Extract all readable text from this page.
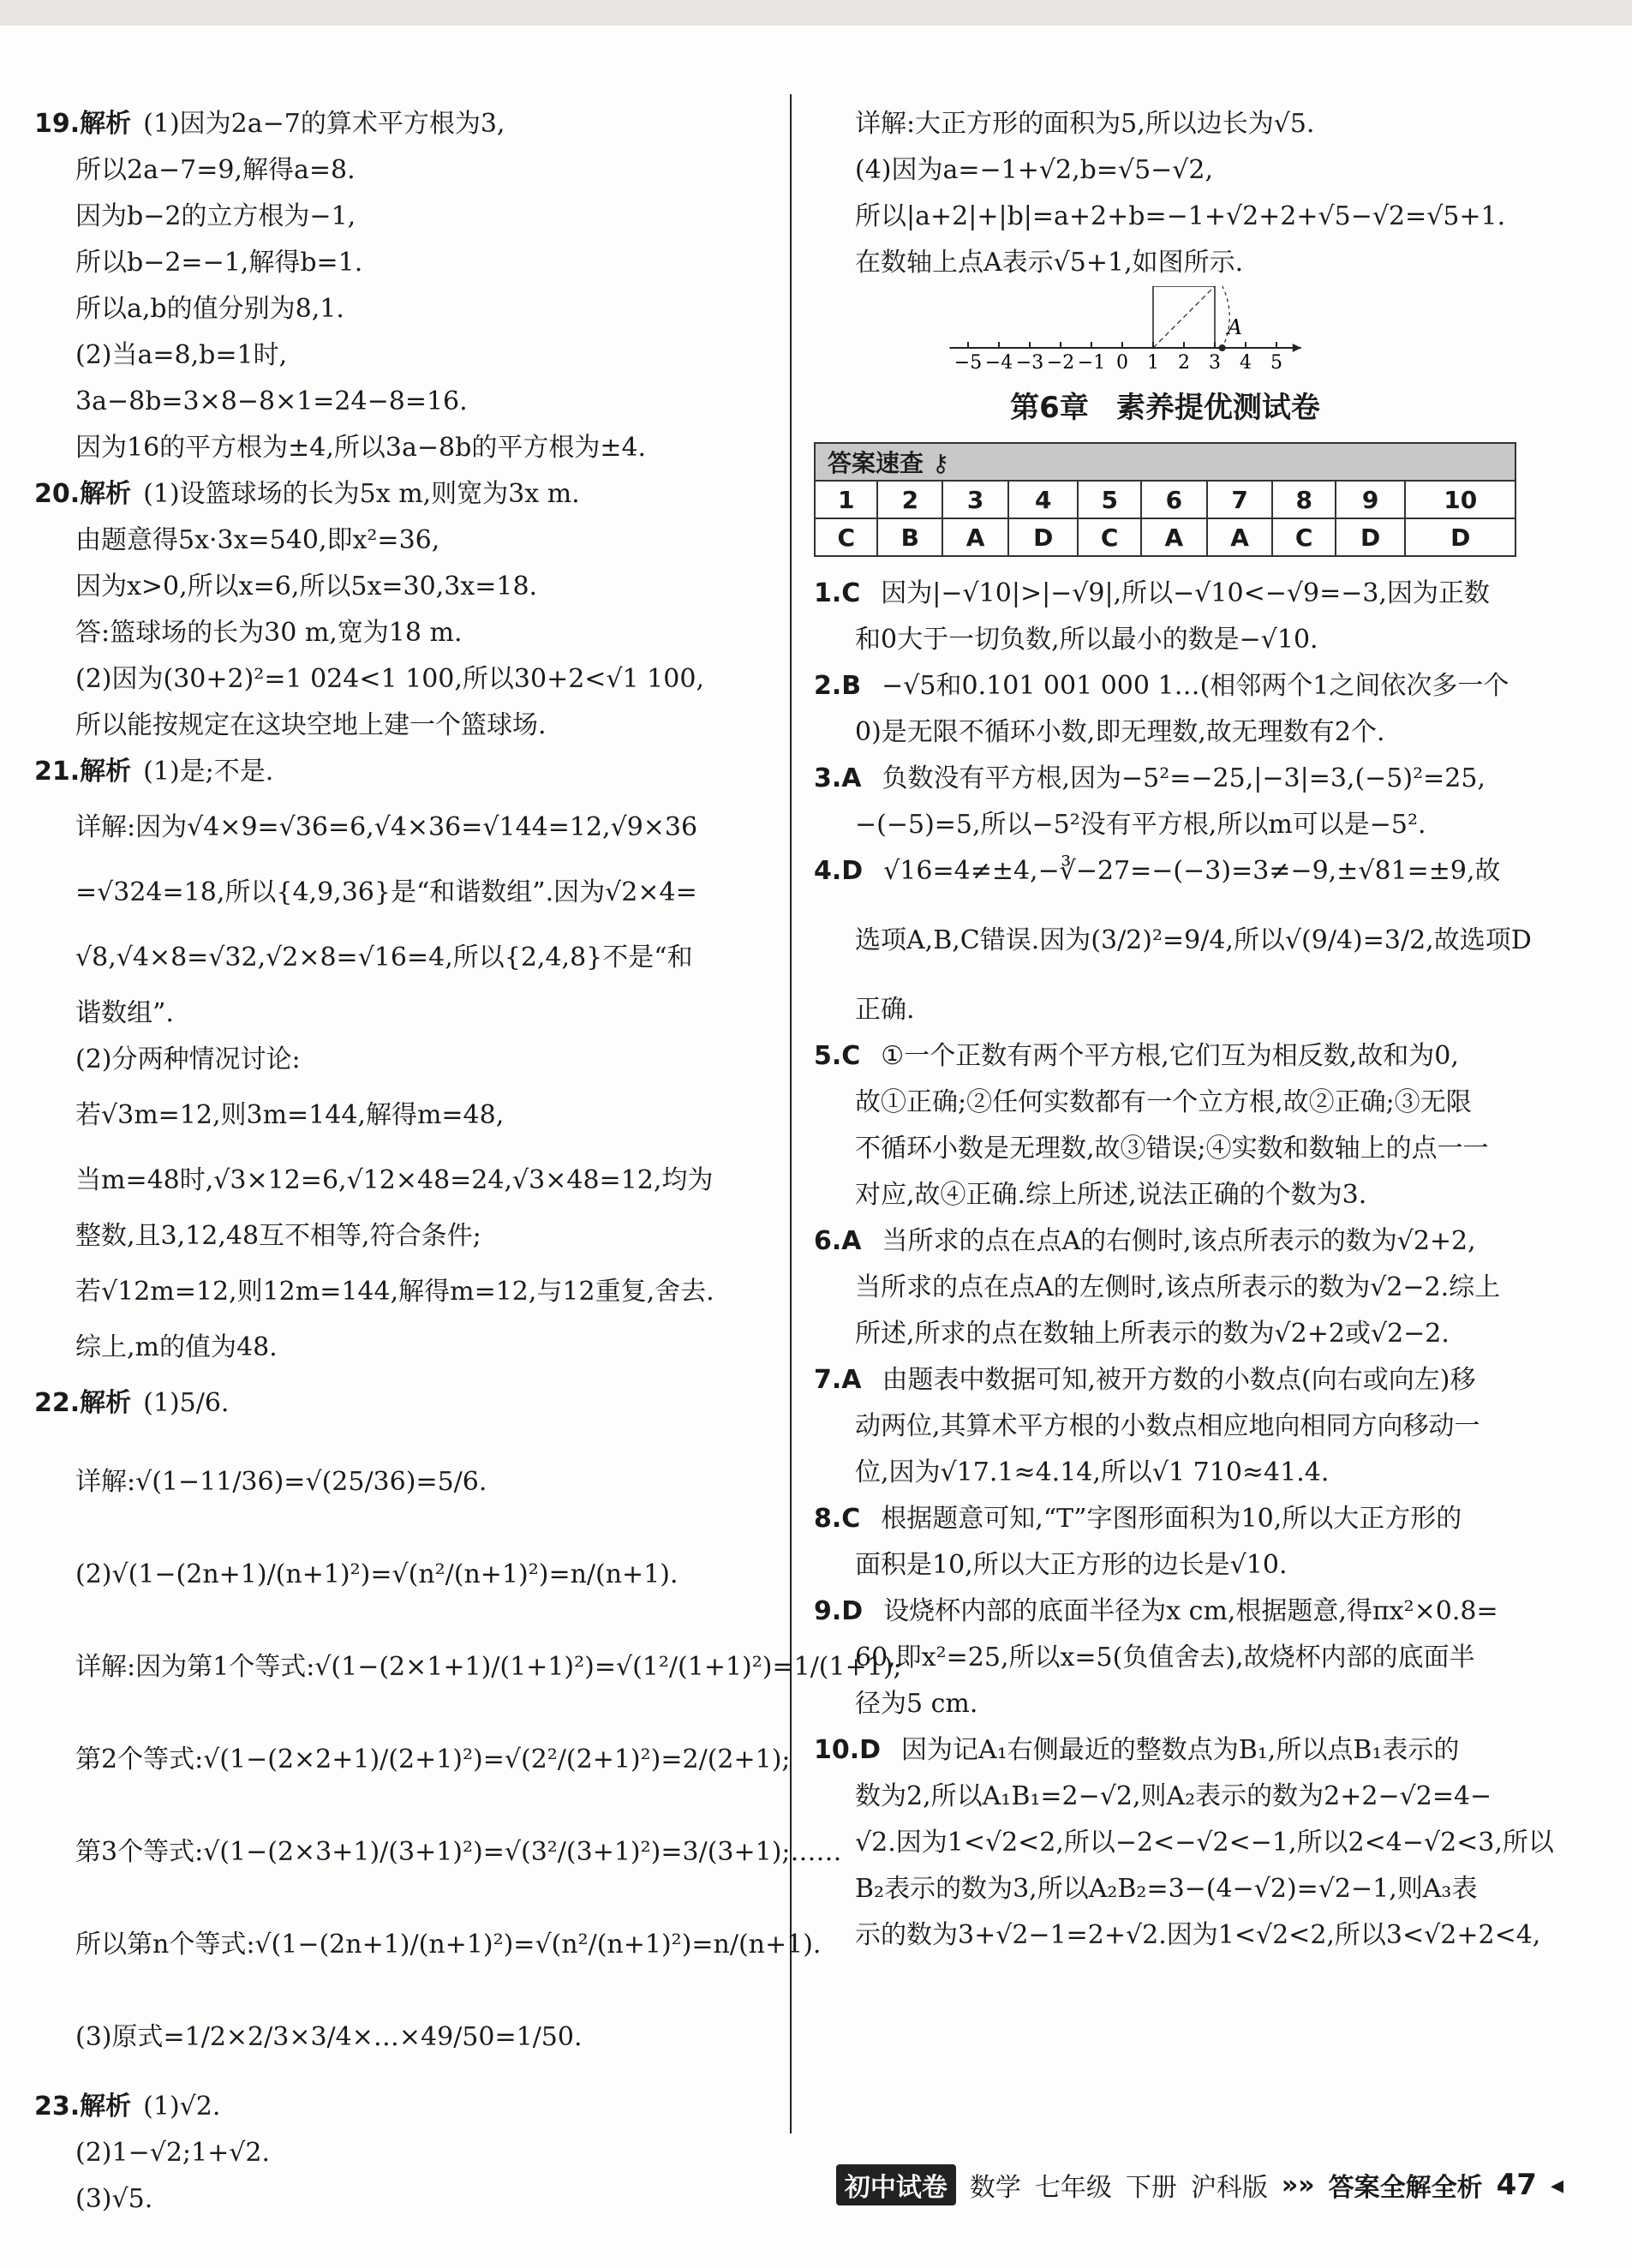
19.解析 (1)因为2a−7的算术平方根为3,
所以2a−7=9,解得a=8.
因为b−2的立方根为−1,
所以b−2=−1,解得b=1.
所以a,b的值分别为8,1.
(2)当a=8,b=1时,
3a−8b=3×8−8×1=24−8=16.
因为16的平方根为±4,所以3a−8b的平方根为±4.
20.解析 (1)设篮球场的长为5x m,则宽为3x m.
由题意得5x·3x=540,即x²=36,
因为x>0,所以x=6,所以5x=30,3x=18.
答:篮球场的长为30 m,宽为18 m.
(2)因为(30+2)²=1 024<1 100,所以30+2<√1 100,
所以能按规定在这块空地上建一个篮球场.
21.解析 (1)是;不是.
详解:因为√4×9=√36=6,√4×36=√144=12,√9×36
=√324=18,所以{4,9,36}是“和谐数组”.因为√2×4=
√8,√4×8=√32,√2×8=√16=4,所以{2,4,8}不是“和
谐数组”.
(2)分两种情况讨论:
若√3m=12,则3m=144,解得m=48,
当m=48时,√3×12=6,√12×48=24,√3×48=12,均为
整数,且3,12,48互不相等,符合条件;
若√12m=12,则12m=144,解得m=12,与12重复,舍去.
综上,m的值为48.
22.解析 (1)5/6.
详解:√(1−11/36)=√(25/36)=5/6.
(2)√(1−(2n+1)/(n+1)²)=√(n²/(n+1)²)=n/(n+1).
详解:因为第1个等式:√(1−(2×1+1)/(1+1)²)=√(1²/(1+1)²)=1/(1+1);
第2个等式:√(1−(2×2+1)/(2+1)²)=√(2²/(2+1)²)=2/(2+1);
第3个等式:√(1−(2×3+1)/(3+1)²)=√(3²/(3+1)²)=3/(3+1);……
所以第n个等式:√(1−(2n+1)/(n+1)²)=√(n²/(n+1)²)=n/(n+1).
(3)原式=1/2×2/3×3/4×…×49/50=1/50.
23.解析 (1)√2.
(2)1−√2;1+√2.
(3)√5.
详解:大正方形的面积为5,所以边长为√5.
(4)因为a=−1+√2,b=√5−√2,
所以|a+2|+|b|=a+2+b=−1+√2+2+√5−√2=√5+1.
在数轴上点A表示√5+1,如图所示.
−5 −4 −3 −2 −1 0 1 2 3 4 5
A
第6章 素养提优测试卷
答案速查 ⚷									
1	2	3	4	5	6	7	8	9	10
C	B	A	D	C	A	A	C	D	D
1.C 因为|−√10|>|−√9|,所以−√10<−√9=−3,因为正数
和0大于一切负数,所以最小的数是−√10.
2.B −√5和0.101 001 000 1…(相邻两个1之间依次多一个
0)是无限不循环小数,即无理数,故无理数有2个.
3.A 负数没有平方根,因为−5²=−25,|−3|=3,(−5)²=25,
−(−5)=5,所以−5²没有平方根,所以m可以是−5².
4.D √16=4≠±4,−∛−27=−(−3)=3≠−9,±√81=±9,故
选项A,B,C错误.因为(3/2)²=9/4,所以√(9/4)=3/2,故选项D
正确.
5.C ①一个正数有两个平方根,它们互为相反数,故和为0,
故①正确;②任何实数都有一个立方根,故②正确;③无限
不循环小数是无理数,故③错误;④实数和数轴上的点一一
对应,故④正确.综上所述,说法正确的个数为3.
6.A 当所求的点在点A的右侧时,该点所表示的数为√2+2,
当所求的点在点A的左侧时,该点所表示的数为√2−2.综上
所述,所求的点在数轴上所表示的数为√2+2或√2−2.
7.A 由题表中数据可知,被开方数的小数点(向右或向左)移
动两位,其算术平方根的小数点相应地向相同方向移动一
位,因为√17.1≈4.14,所以√1 710≈41.4.
8.C 根据题意可知,“T”字图形面积为10,所以大正方形的
面积是10,所以大正方形的边长是√10.
9.D 设烧杯内部的底面半径为x cm,根据题意,得πx²×0.8=
60,即x²=25,所以x=5(负值舍去),故烧杯内部的底面半
径为5 cm.
10.D 因为记A₁右侧最近的整数点为B₁,所以点B₁表示的
数为2,所以A₁B₁=2−√2,则A₂表示的数为2+2−√2=4−
√2.因为1<√2<2,所以−2<−√2<−1,所以2<4−√2<3,所以
B₂表示的数为3,所以A₂B₂=3−(4−√2)=√2−1,则A₃表
示的数为3+√2−1=2+√2.因为1<√2<2,所以3<√2+2<4,
初中试卷 数学 七年级 下册 沪科版 »» 答案全解全析 47 ◂
